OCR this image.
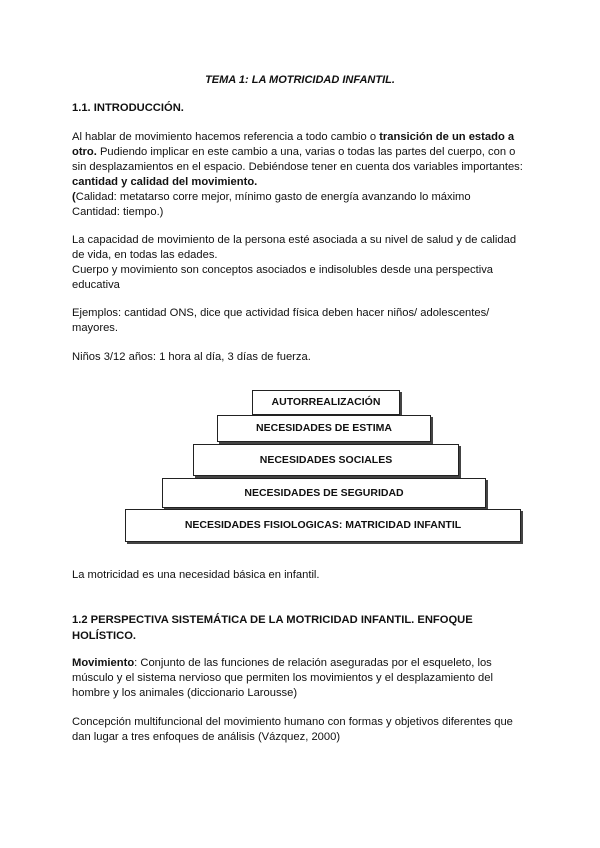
TEMA 1: LA MOTRICIDAD INFANTIL.
1.1. INTRODUCCIÓN.
Al hablar de movimiento hacemos referencia a todo cambio o transición de un estado a
otro. Pudiendo implicar en este cambio a una, varias o todas las partes del cuerpo, con o
sin desplazamientos en el espacio. Debiéndose tener en cuenta dos variables importantes:
cantidad y calidad del movimiento.
(Calidad: metatarso corre mejor, mínimo gasto de energía avanzando lo máximo
Cantidad: tiempo.)
La capacidad de movimiento de la persona esté asociada a su nivel de salud y de calidad
de vida, en todas las edades.
Cuerpo y movimiento son conceptos asociados e indisolubles desde una perspectiva
educativa
Ejemplos: cantidad ONS, dice que actividad física deben hacer niños/ adolescentes/
mayores.
Niños 3/12 años: 1 hora al día, 3 días de fuerza.
AUTORREALIZACIÓN
NECESIDADES DE ESTIMA
NECESIDADES SOCIALES
NECESIDADES DE SEGURIDAD
NECESIDADES FISIOLOGICAS: MATRICIDAD INFANTIL
La motricidad es una necesidad básica en infantil.
1.2 PERSPECTIVA SISTEMÁTICA DE LA MOTRICIDAD INFANTIL. ENFOQUE
HOLÍSTICO.
Movimiento: Conjunto de las funciones de relación aseguradas por el esqueleto, los
músculo y el sistema nervioso que permiten los movimientos y el desplazamiento del
hombre y los animales (diccionario Larousse)
Concepción multifuncional del movimiento humano con formas y objetivos diferentes que
dan lugar a tres enfoques de análisis (Vázquez, 2000)
